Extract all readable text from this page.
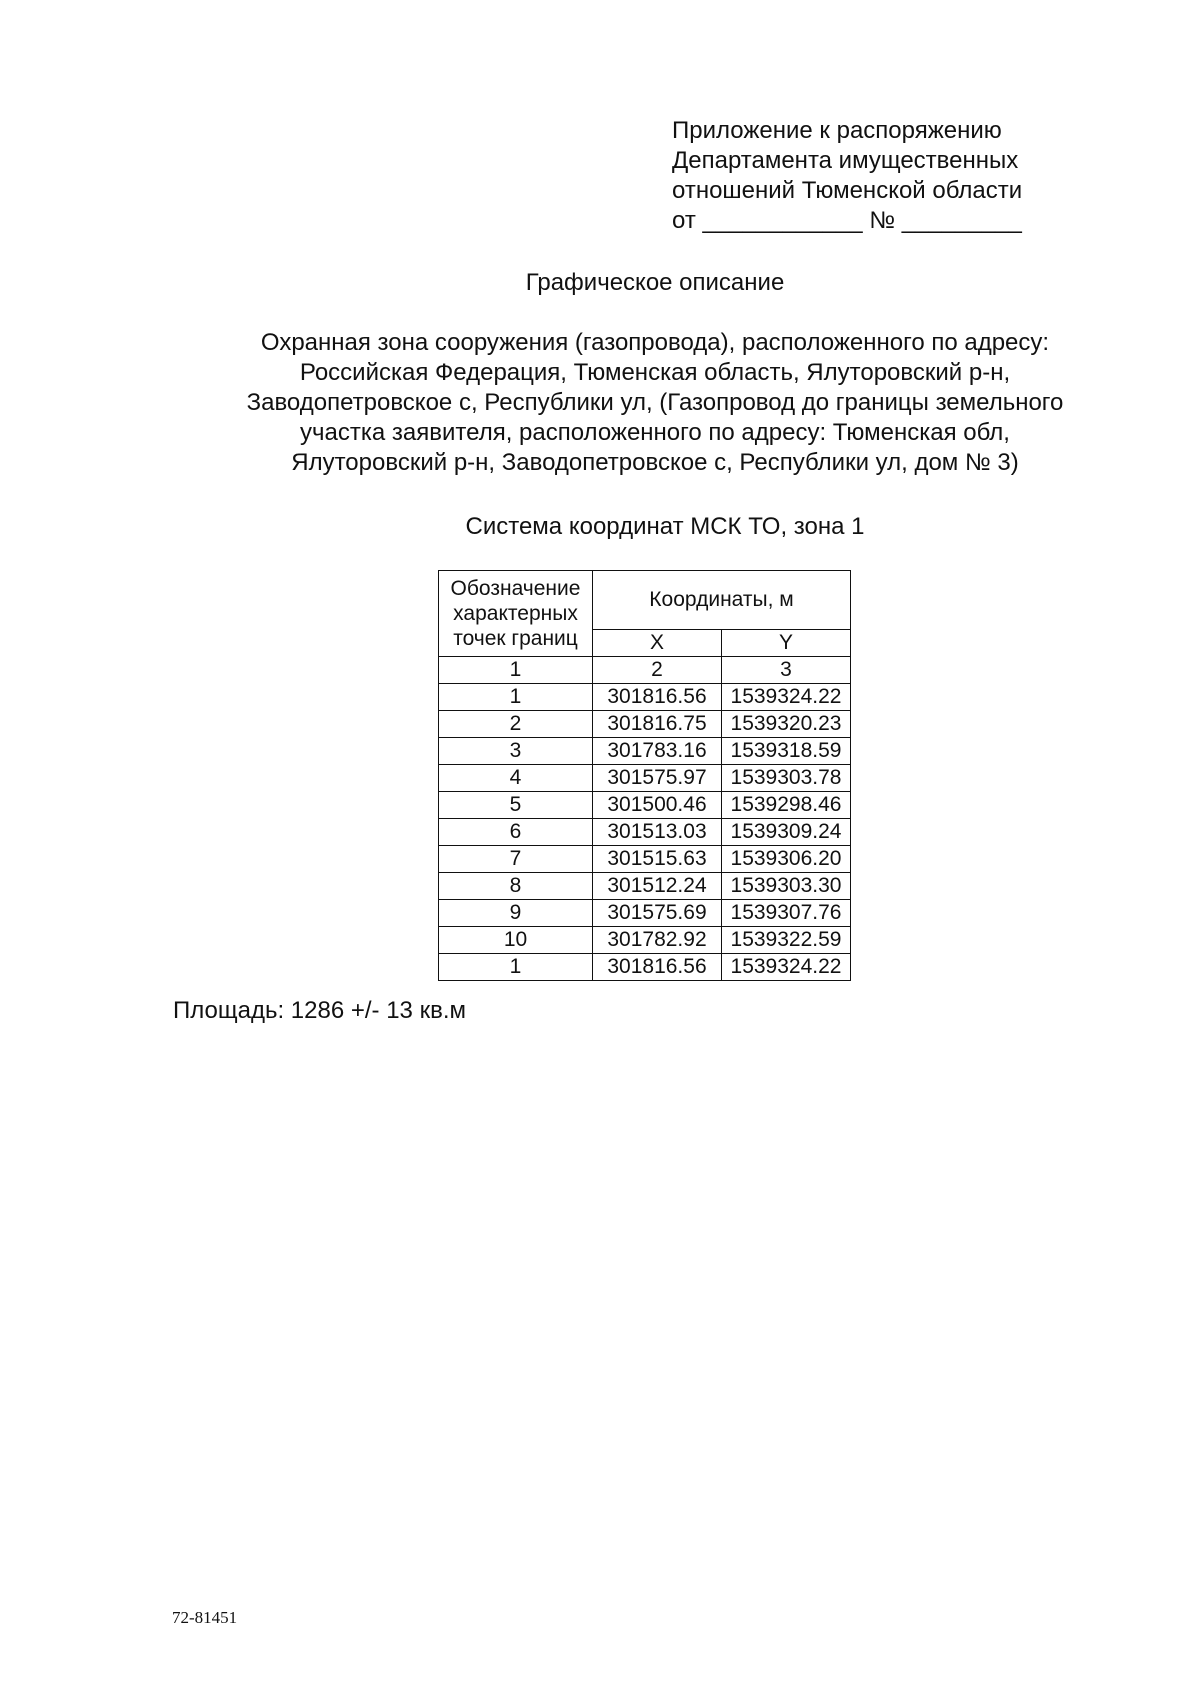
Приложение к распоряжению
Департамента имущественных
отношений Тюменской области
от ____________ № _________
Графическое описание
Охранная зона сооружения (газопровода), расположенного по адресу:
Российская Федерация, Тюменская область, Ялуторовский р-н,
Заводопетровское с, Республики ул, (Газопровод до границы земельного
участка заявителя, расположенного по адресу: Тюменская обл,
Ялуторовский р-н, Заводопетровское с, Республики ул, дом № 3)
Система координат МСК ТО, зона 1
Обозначение характерных точек границ	Координаты, м	
	X	Y
1	2	3
1	301816.56	1539324.22
2	301816.75	1539320.23
3	301783.16	1539318.59
4	301575.97	1539303.78
5	301500.46	1539298.46
6	301513.03	1539309.24
7	301515.63	1539306.20
8	301512.24	1539303.30
9	301575.69	1539307.76
10	301782.92	1539322.59
1	301816.56	1539324.22
Площадь: 1286 +/- 13 кв.м
72-81451
